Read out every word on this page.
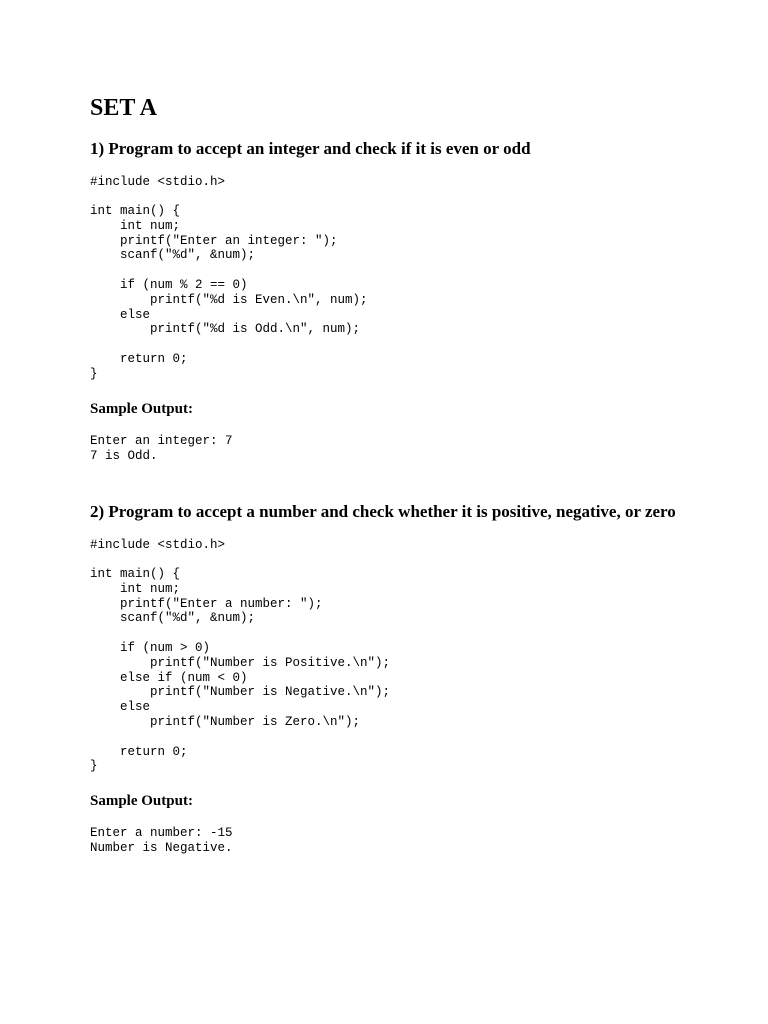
SET A
1) Program to accept an integer and check if it is even or odd
#include <stdio.h>
int main() {
int num;
printf("Enter an integer: ");
scanf("%d", &num);

if (num % 2 == 0)
printf("%d is Even.\n", num);
else
printf("%d is Odd.\n", num);

return 0;
}
Sample Output:
Enter an integer: 7
7 is Odd.
2) Program to accept a number and check whether it is positive, negative, or zero
#include <stdio.h>
int main() {
int num;
printf("Enter a number: ");
scanf("%d", &num);

if (num > 0)
printf("Number is Positive.\n");
else if (num < 0)
printf("Number is Negative.\n");
else
printf("Number is Zero.\n");

return 0;
}
Sample Output:
Enter a number: -15
Number is Negative.
